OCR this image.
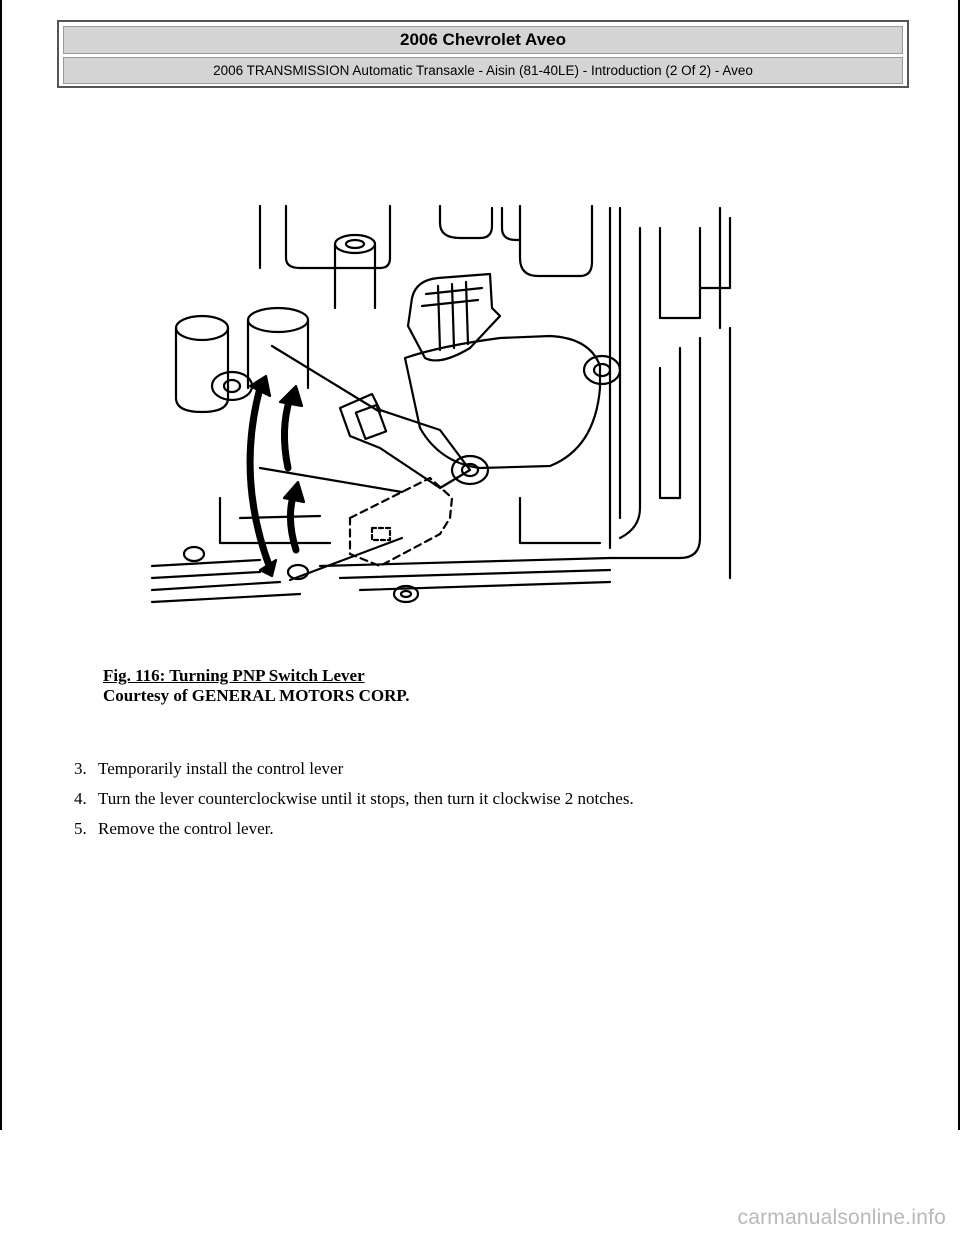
2006 Chevrolet Aveo
2006 TRANSMISSION Automatic Transaxle - Aisin (81-40LE) - Introduction (2 Of 2) - Aveo
Fig. 116: Turning PNP Switch Lever
Courtesy of GENERAL MOTORS CORP.
3. Temporarily install the control lever
4. Turn the lever counterclockwise until it stops, then turn it clockwise 2 notches.
5. Remove the control lever.
carmanualsonline.info
